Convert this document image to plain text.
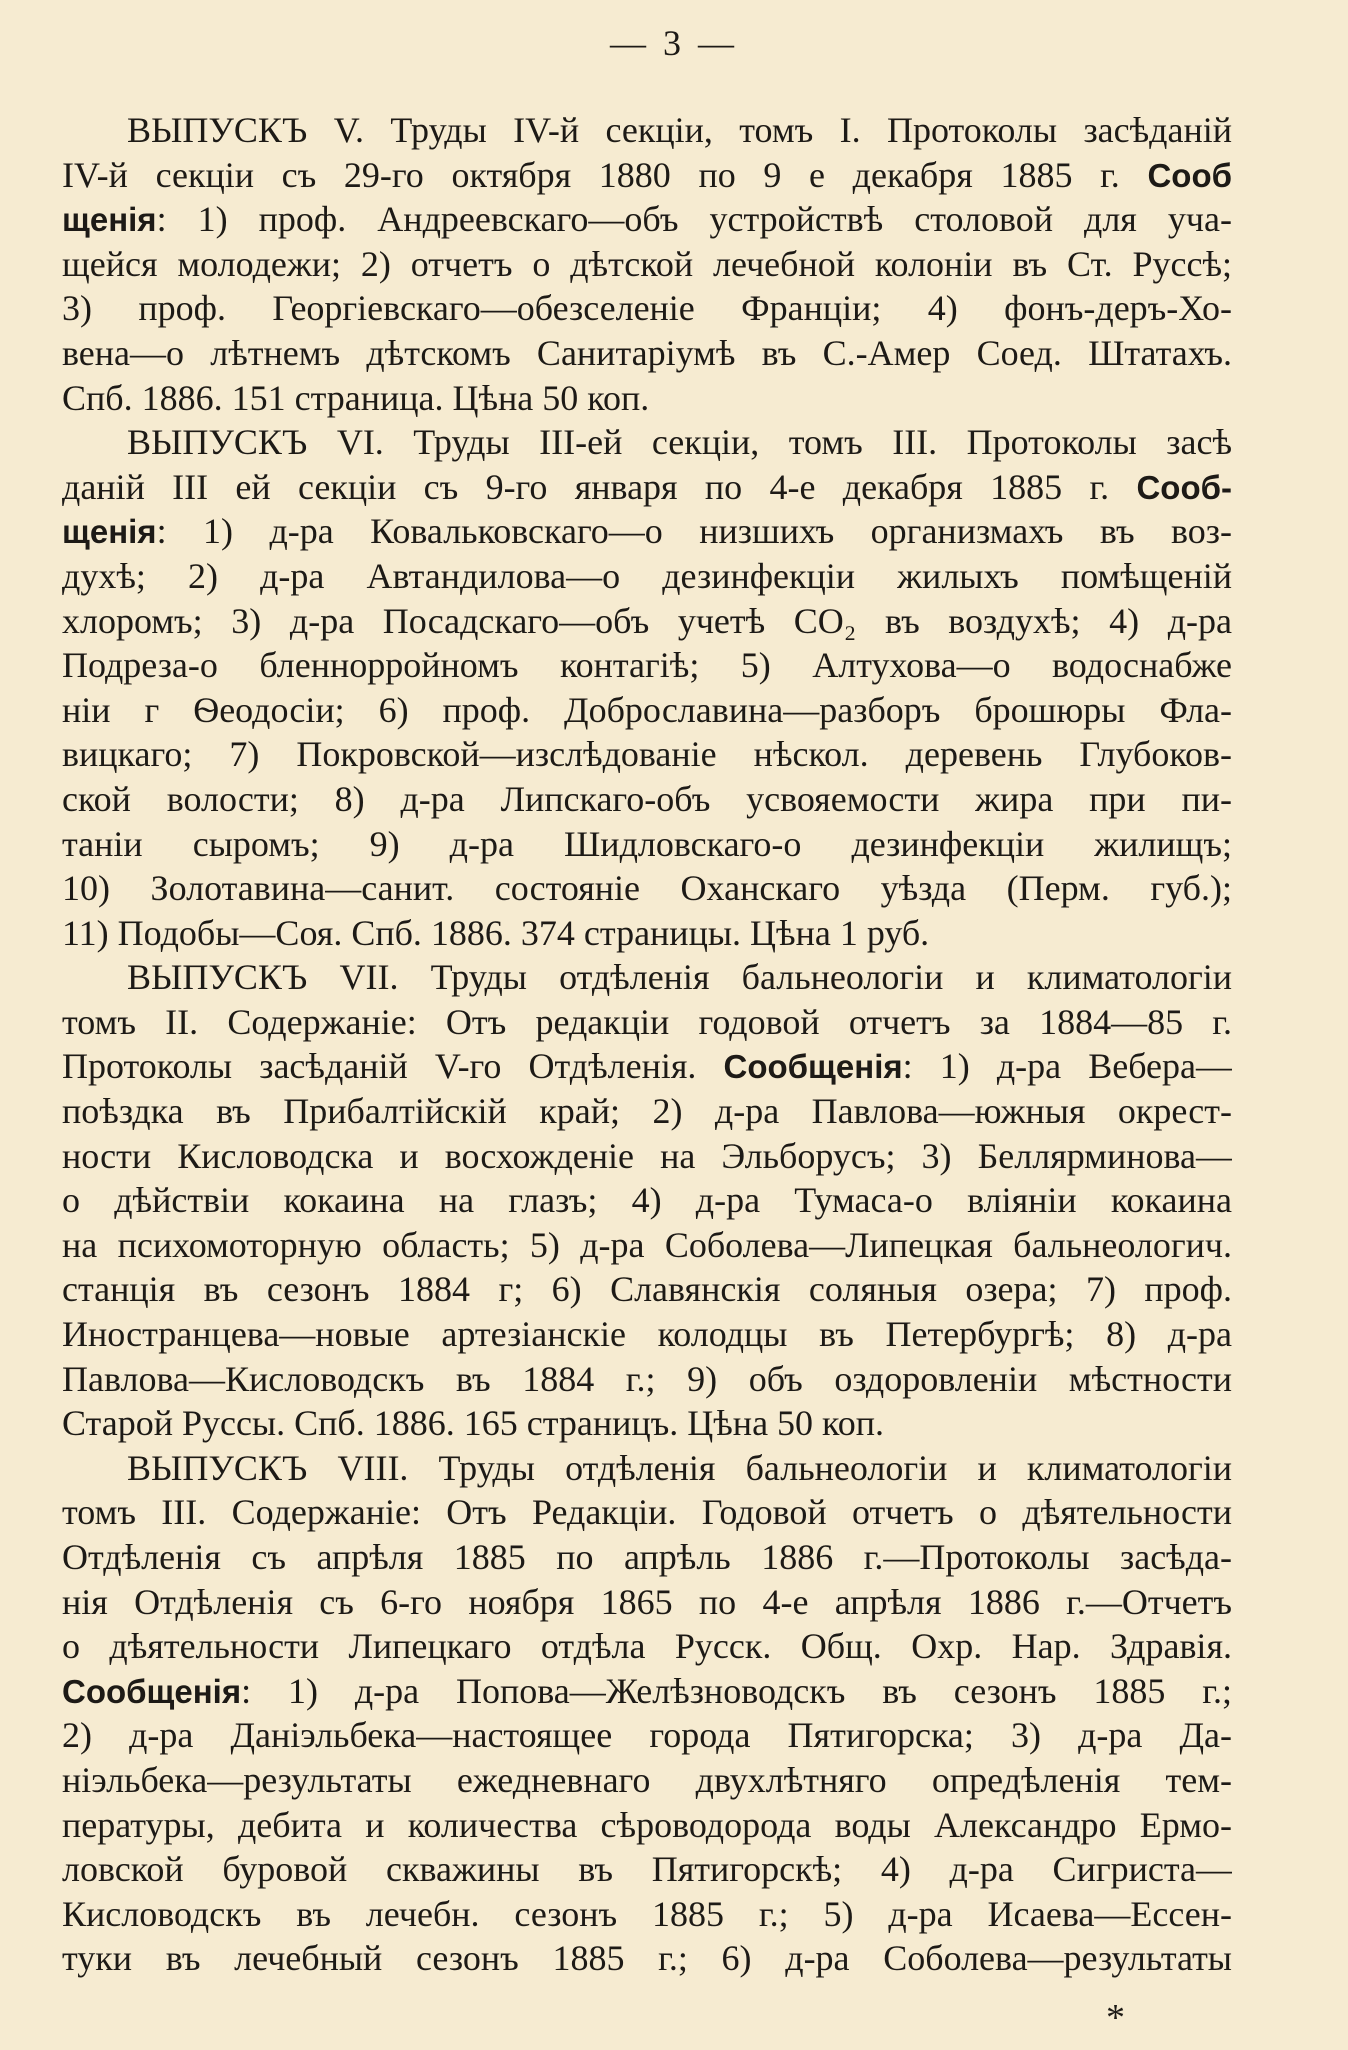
— 3 —
ВЫПУСКЪ V. Труды IV-й секціи, томъ I. Протоколы засѣданій
IV-й секціи съ 29-го октября 1880 по 9 е декабря 1885 г. Сооб
щенія: 1) проф. Андреевскаго—объ устройствѣ столовой для уча-
щейся молодежи; 2) отчетъ о дѣтской лечебной колоніи въ Ст. Руссѣ;
3) проф. Георгіевскаго—обезселеніе Франціи; 4) фонъ-деръ-Хо-
вена—о лѣтнемъ дѣтскомъ Санитаріумѣ въ С.-Амер Соед. Штатахъ.
Спб. 1886. 151 страница. Цѣна 50 коп.
ВЫПУСКЪ VI. Труды III-ей секціи, томъ III. Протоколы засѣ
даній III ей секціи съ 9-го января по 4-е декабря 1885 г. Сооб-
щенія: 1) д-ра Ковальковскаго—о низшихъ организмахъ въ воз-
духѣ; 2) д-ра Автандилова—о дезинфекціи жилыхъ помѣщеній
хлоромъ; 3) д-ра Посадскаго—объ учетѣ CO₂ въ воздухѣ; 4) д-ра
Подреза-о бленнорройномъ контагіѣ; 5) Алтухова—о водоснабже
ніи г Ѳеодосіи; 6) проф. Доброславина—разборъ брошюры Фла-
вицкаго; 7) Покровской—изслѣдованіе нѣскол. деревень Глубоков-
ской волости; 8) д-ра Липскаго-объ усвояемости жира при пи-
таніи сыромъ; 9) д-ра Шидловскаго-о дезинфекціи жилищъ;
10) Золотавина—санит. состояніе Оханскаго уѣзда (Перм. губ.);
11) Подобы—Соя. Спб. 1886. 374 страницы. Цѣна 1 руб.
ВЫПУСКЪ VII. Труды отдѣленія бальнеологіи и климатологіи
томъ II. Содержаніе: Отъ редакціи годовой отчетъ за 1884—85 г.
Протоколы засѣданій V-го Отдѣленія. Сообщенія: 1) д-ра Вебера—
поѣздка въ Прибалтійскій край; 2) д-ра Павлова—южныя окрест-
ности Кисловодска и восхожденіе на Эльборусъ; 3) Беллярминова—
о дѣйствіи кокаина на глазъ; 4) д-ра Тумаса-о вліяніи кокаина
на психомоторную область; 5) д-ра Соболева—Липецкая бальнеологич.
станція въ сезонъ 1884 г; 6) Славянскія соляныя озера; 7) проф.
Иностранцева—новые артезіанскіе колодцы въ Петербургѣ; 8) д-ра
Павлова—Кисловодскъ въ 1884 г.; 9) объ оздоровленіи мѣстности
Старой Руссы. Спб. 1886. 165 страницъ. Цѣна 50 коп.
ВЫПУСКЪ VIII. Труды отдѣленія бальнеологіи и климатологіи
томъ III. Содержаніе: Отъ Редакціи. Годовой отчетъ о дѣятельности
Отдѣленія съ апрѣля 1885 по апрѣль 1886 г.—Протоколы засѣда-
нія Отдѣленія съ 6-го ноября 1865 по 4-е апрѣля 1886 г.—Отчетъ
о дѣятельности Липецкаго отдѣла Русск. Общ. Охр. Нар. Здравія.
Сообщенія: 1) д-ра Попова—Желѣзноводскъ въ сезонъ 1885 г.;
2) д-ра Даніэльбека—настоящее города Пятигорска; 3) д-ра Да-
ніэльбека—результаты ежедневнаго двухлѣтняго опредѣленія тем-
пературы, дебита и количества сѣроводорода воды Александро Ермо-
ловской буровой скважины въ Пятигорскѣ; 4) д-ра Сигриста—
Кисловодскъ въ лечебн. сезонъ 1885 г.; 5) д-ра Исаева—Ессен-
туки въ лечебный сезонъ 1885 г.; 6) д-ра Соболева—результаты
*
